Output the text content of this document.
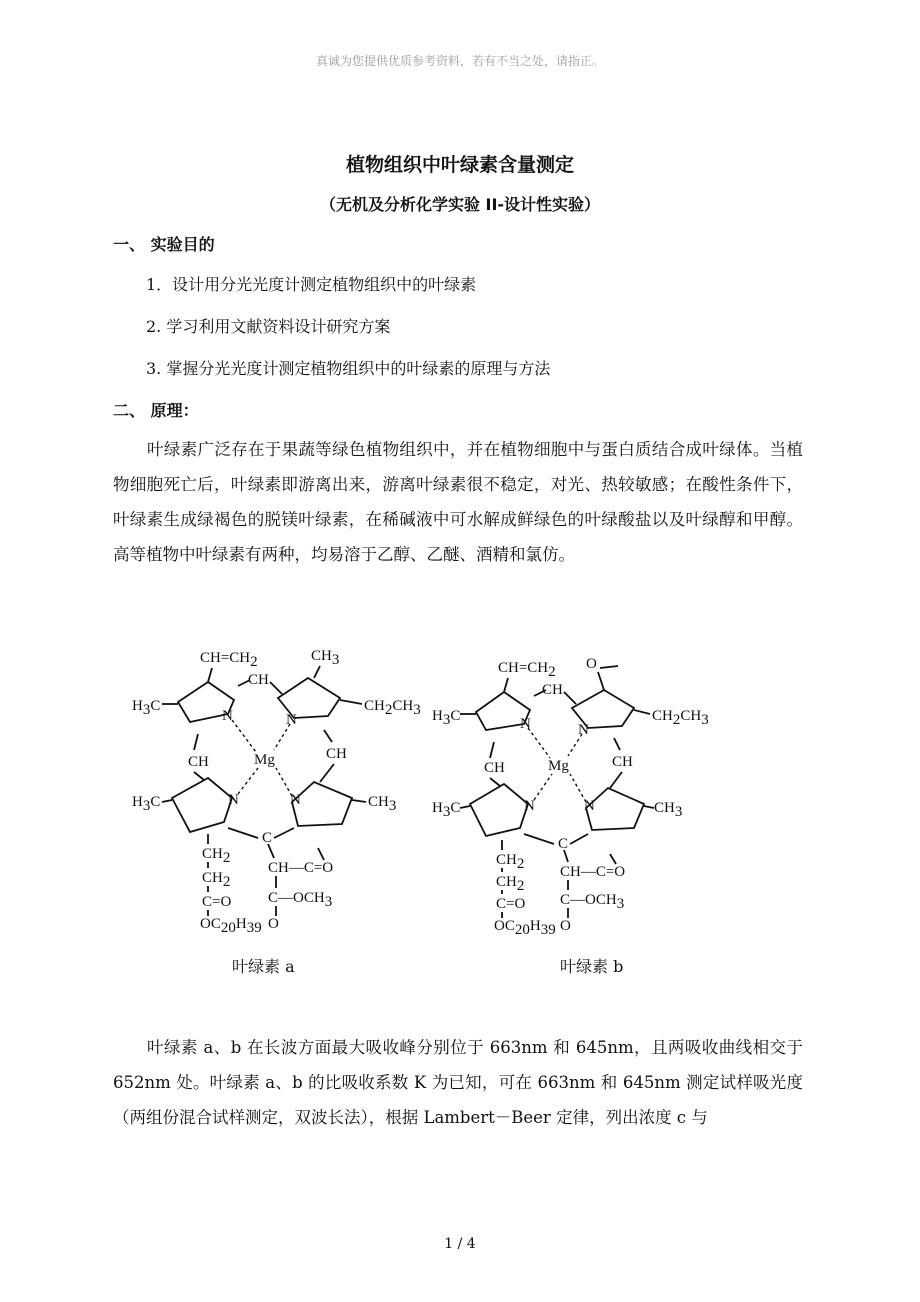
真诚为您提供优质参考资料，若有不当之处，请指正。
植物组织中叶绿素含量测定
（无机及分析化学实验 II-设计性实验）
一、 实验目的
1．设计用分光光度计测定植物组织中的叶绿素
2. 学习利用文献资料设计研究方案
3. 掌握分光光度计测定植物组织中的叶绿素的原理与方法
二、 原理：
叶绿素广泛存在于果蔬等绿色植物组织中，并在植物细胞中与蛋白质结合成叶绿体。当植物细胞死亡后，叶绿素即游离出来，游离叶绿素很不稳定，对光、热较敏感；在酸性条件下，叶绿素生成绿褐色的脱镁叶绿素，在稀碱液中可水解成鲜绿色的叶绿酸盐以及叶绿醇和甲醇。高等植物中叶绿素有两种，均易溶于乙醇、乙醚、酒精和氯仿。
CH=CH2	CH3
H3C	CH2CH3
CH
N	N
Mg
CH	CH
H3C	N	N	CH3
C
CH2
CH—C=O
CH2
C=O C—OCH3
O
OC20H39
CH=CH2 O
H3C	CH2CH3
CH
N	N
Mg
CH	CH
H3C	N	N	CH3
C
CH2 CH—C=O
CH2
C=O C—OCH3
O
OC20H39
叶绿素 a	叶绿素 b
叶绿素 a、b 在长波方面最大吸收峰分别位于 663nm 和 645nm，且两吸收曲线相交于 652nm 处。叶绿素 a、b 的比吸收系数 K 为已知，可在 663nm 和 645nm 测定试样吸光度（两组份混合试样测定，双波长法），根据 Lambert－Beer 定律，列出浓度 c 与
1 / 4
